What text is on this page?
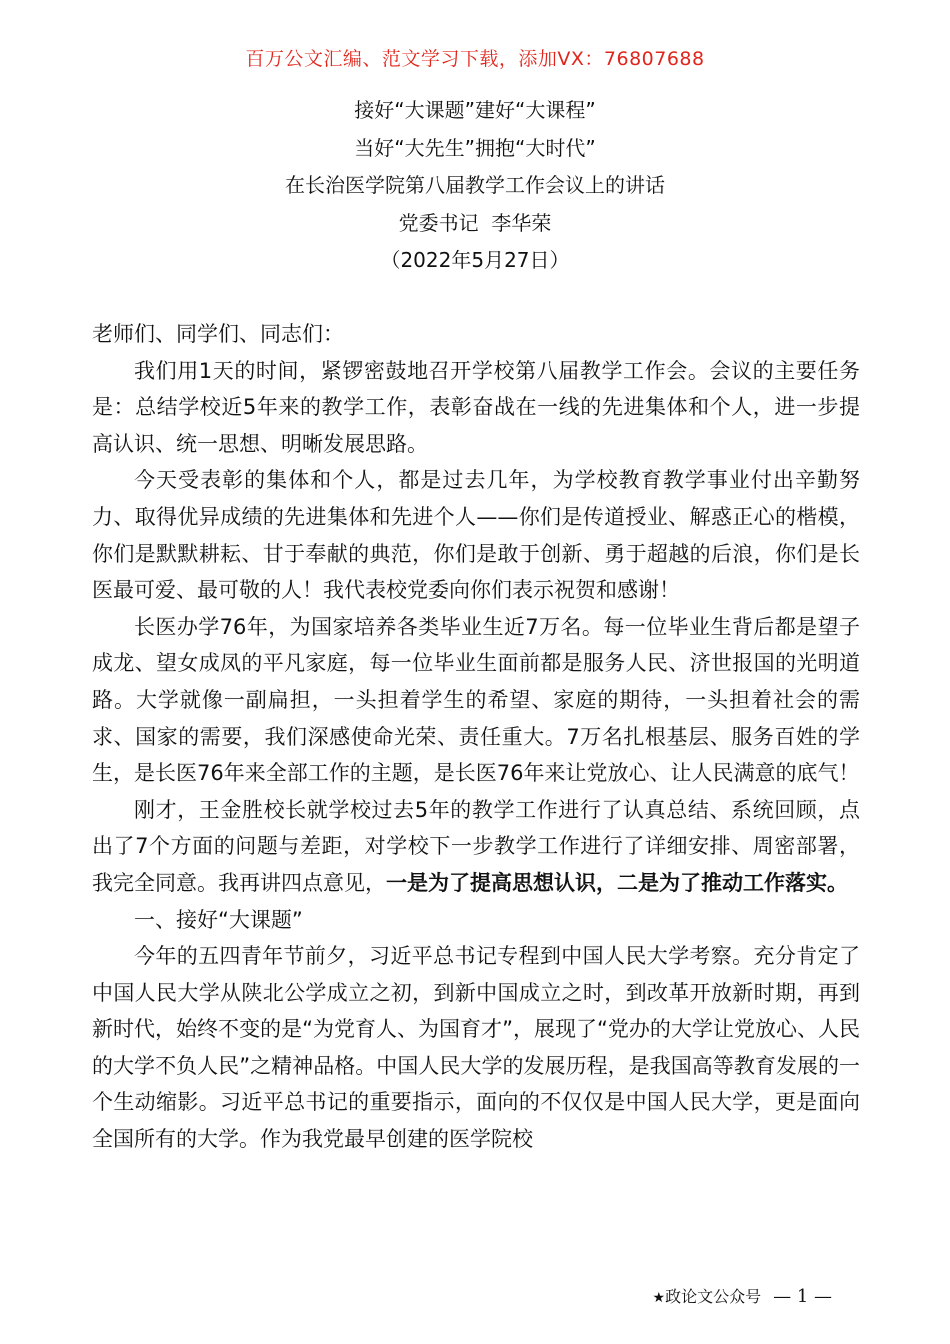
百万公文汇编、范文学习下载，添加VX：76807688
接好“大课题”建好“大课程”
当好“大先生”拥抱“大时代”
在长治医学院第八届教学工作会议上的讲话
党委书记  李华荣
（2022年5月27日）

老师们、同学们、同志们：

我们用1天的时间，紧锣密鼓地召开学校第八届教学工作会。会议的主要任务是：总结学校近5年来的教学工作，表彰奋战在一线的先进集体和个人，进一步提高认识、统一思想、明晰发展思路。

今天受表彰的集体和个人，都是过去几年，为学校教育教学事业付出辛勤努力、取得优异成绩的先进集体和先进个人——你们是传道授业、解惑正心的楷模，你们是默默耕耘、甘于奉献的典范，你们是敢于创新、勇于超越的后浪，你们是长医最可爱、最可敬的人！我代表校党委向你们表示祝贺和感谢！

长医办学76年，为国家培养各类毕业生近7万名。每一位毕业生背后都是望子成龙、望女成凤的平凡家庭，每一位毕业生面前都是服务人民、济世报国的光明道路。大学就像一副扁担，一头担着学生的希望、家庭的期待，一头担着社会的需求、国家的需要，我们深感使命光荣、责任重大。7万名扎根基层、服务百姓的学生，是长医76年来全部工作的主题，是长医76年来让党放心、让人民满意的底气！

刚才，王金胜校长就学校过去5年的教学工作进行了认真总结、系统回顾，点出了7个方面的问题与差距，对学校下一步教学工作进行了详细安排、周密部署，我完全同意。我再讲四点意见，一是为了提高思想认识，二是为了推动工作落实。

一、接好“大课题”

今年的五四青年节前夕，习近平总书记专程到中国人民大学考察。充分肯定了中国人民大学从陕北公学成立之初，到新中国成立之时，到改革开放新时期，再到新时代，始终不变的是“为党育人、为国育才”，展现了“党办的大学让党放心、人民的大学不负人民”之精神品格。中国人民大学的发展历程，是我国高等教育发展的一个生动缩影。习近平总书记的重要指示，面向的不仅仅是中国人民大学，更是面向全国所有的大学。作为我党最早创建的医学院校

★政论文公众号 — 1 —
